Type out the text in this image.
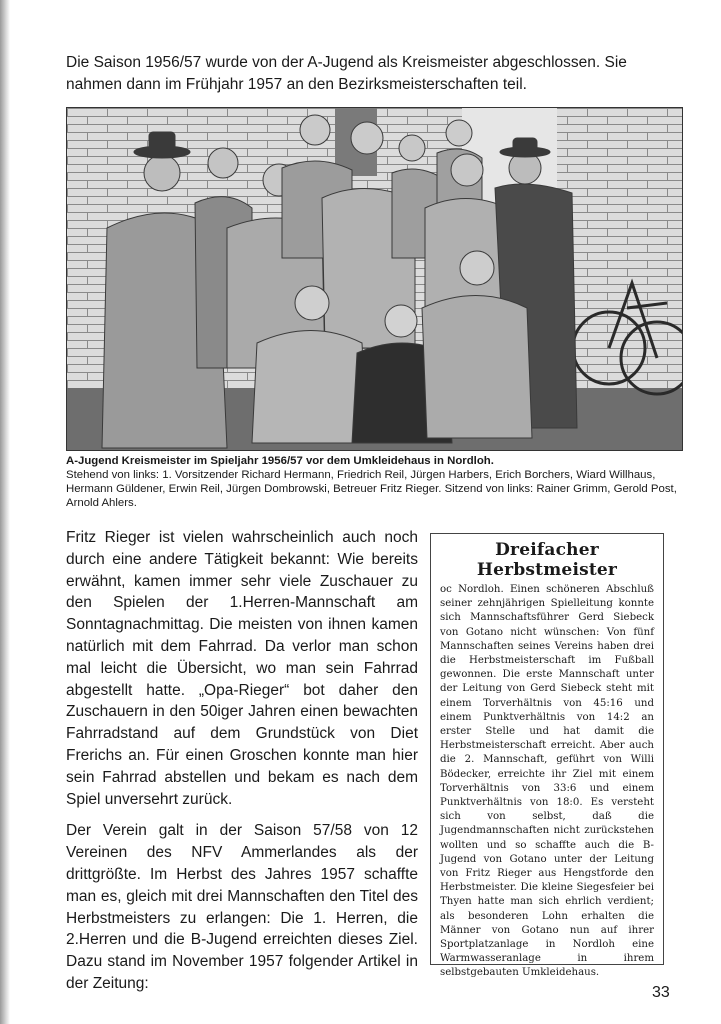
Die Saison 1956/57 wurde von der A-Jugend als Kreismeister abgeschlossen. Sie nahmen dann im Frühjahr 1957 an den Bezirksmeisterschaften teil.
A-Jugend Kreismeister im Spieljahr 1956/57 vor dem Umkleidehaus in Nordloh.
Stehend von links: 1. Vorsitzender Richard Hermann, Friedrich Reil, Jürgen Harbers, Erich Borchers, Wiard Willhaus, Hermann Güldener, Erwin Reil, Jürgen Dombrowski, Betreuer Fritz Rieger. Sitzend von links: Rainer Grimm, Gerold Post, Arnold Ahlers.

Fritz Rieger ist vielen wahrscheinlich auch noch durch eine andere Tätigkeit bekannt: Wie bereits erwähnt, kamen immer sehr viele Zuschauer zu den Spielen der 1.Herren-Mannschaft am Sonntagnachmittag. Die meisten von ihnen kamen natürlich mit dem Fahrrad. Da verlor man schon mal leicht die Übersicht, wo man sein Fahrrad abgestellt hatte. „Opa-Rieger“ bot daher den Zuschauern in den 50iger Jahren einen bewachten Fahrradstand auf dem Grundstück von Diet Frerichs an. Für einen Groschen konnte man hier sein Fahrrad abstellen und bekam es nach dem Spiel unversehrt zurück.

Der Verein galt in der Saison 57/58 von 12 Vereinen des NFV Ammerlandes als der drittgrößte. Im Herbst des Jahres 1957 schaffte man es, gleich mit drei Mannschaften den Titel des Herbstmeisters zu erlangen: Die 1. Herren, die 2.Herren und die B-Jugend erreichten dieses Ziel. Dazu stand im November 1957 folgender Artikel in der Zeitung:

Dreifacher Herbstmeister
oc Nordloh. Einen schöneren Abschluß seiner zehnjährigen Spielleitung konnte sich Mannschaftsführer Gerd Siebeck von Gotano nicht wünschen: Von fünf Mannschaften seines Vereins haben drei die Herbstmeisterschaft im Fußball gewonnen. Die erste Mannschaft unter der Leitung von Gerd Siebeck steht mit einem Torverhältnis von 45:16 und einem Punktverhältnis von 14:2 an erster Stelle und hat damit die Herbstmeisterschaft erreicht. Aber auch die 2. Mannschaft, geführt von Willi Bödecker, erreichte ihr Ziel mit einem Torverhältnis von 33:6 und einem Punktverhältnis von 18:0. Es versteht sich von selbst, daß die Jugendmannschaften nicht zurückstehen wollten und so schaffte auch die B-Jugend von Gotano unter der Leitung von Fritz Rieger aus Hengstforde den Herbstmeister. Die kleine Siegesfeier bei Thyen hatte man sich ehrlich verdient; als besonderen Lohn erhalten die Männer von Gotano nun auf ihrer Sportplatzanlage in Nordloh eine Warmwasseranlage in ihrem selbstgebauten Umkleidehaus.
33
